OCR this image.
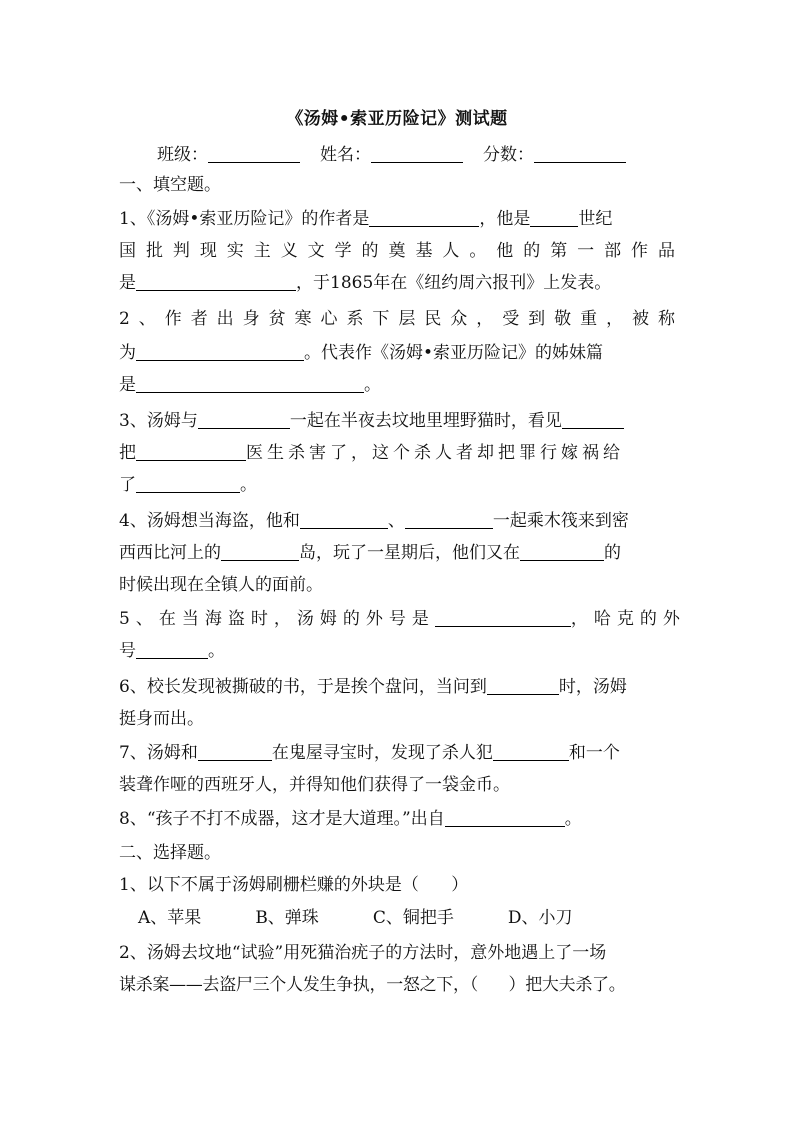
《汤姆•索亚历险记》测试题
班级：	姓名：	分数：
一、填空题。
1、《汤姆•索亚历险记》的作者是	，他是	世纪
国批判现实主义文学的奠基人。他的第一部作品
是	，于1865年在《纽约周六报刊》上发表。
2、作者出身贫寒心系下层民众，受到敬重，被称
为	。代表作《汤姆•索亚历险记》的姊妹篇
是	。
3、汤姆与	一起在半夜去坟地里埋野猫时，看见
把	医生杀害了，这个杀人者却把罪行嫁祸给
了	。
4、汤姆想当海盗，他和	、	一起乘木筏来到密
西西比河上的	岛，玩了一星期后，他们又在	的
时候出现在全镇人的面前。
5、在当海盗时，汤姆的外号是	，哈克的外
号	。
6、校长发现被撕破的书，于是挨个盘问，当问到	时，汤姆
挺身而出。
7、汤姆和	在鬼屋寻宝时，发现了杀人犯	和一个
装聋作哑的西班牙人，并得知他们获得了一袋金币。
8、“孩子不打不成器，这才是大道理。”出自	。
二、选择题。
1、以下不属于汤姆刷栅栏赚的外块是（      ）
A、苹果          B、弹珠          C、铜把手          D、小刀
2、汤姆去坟地“试验”用死猫治疣子的方法时，意外地遇上了一场
谋杀案——去盗尸三个人发生争执，一怒之下，（      ）把大夫杀了。
